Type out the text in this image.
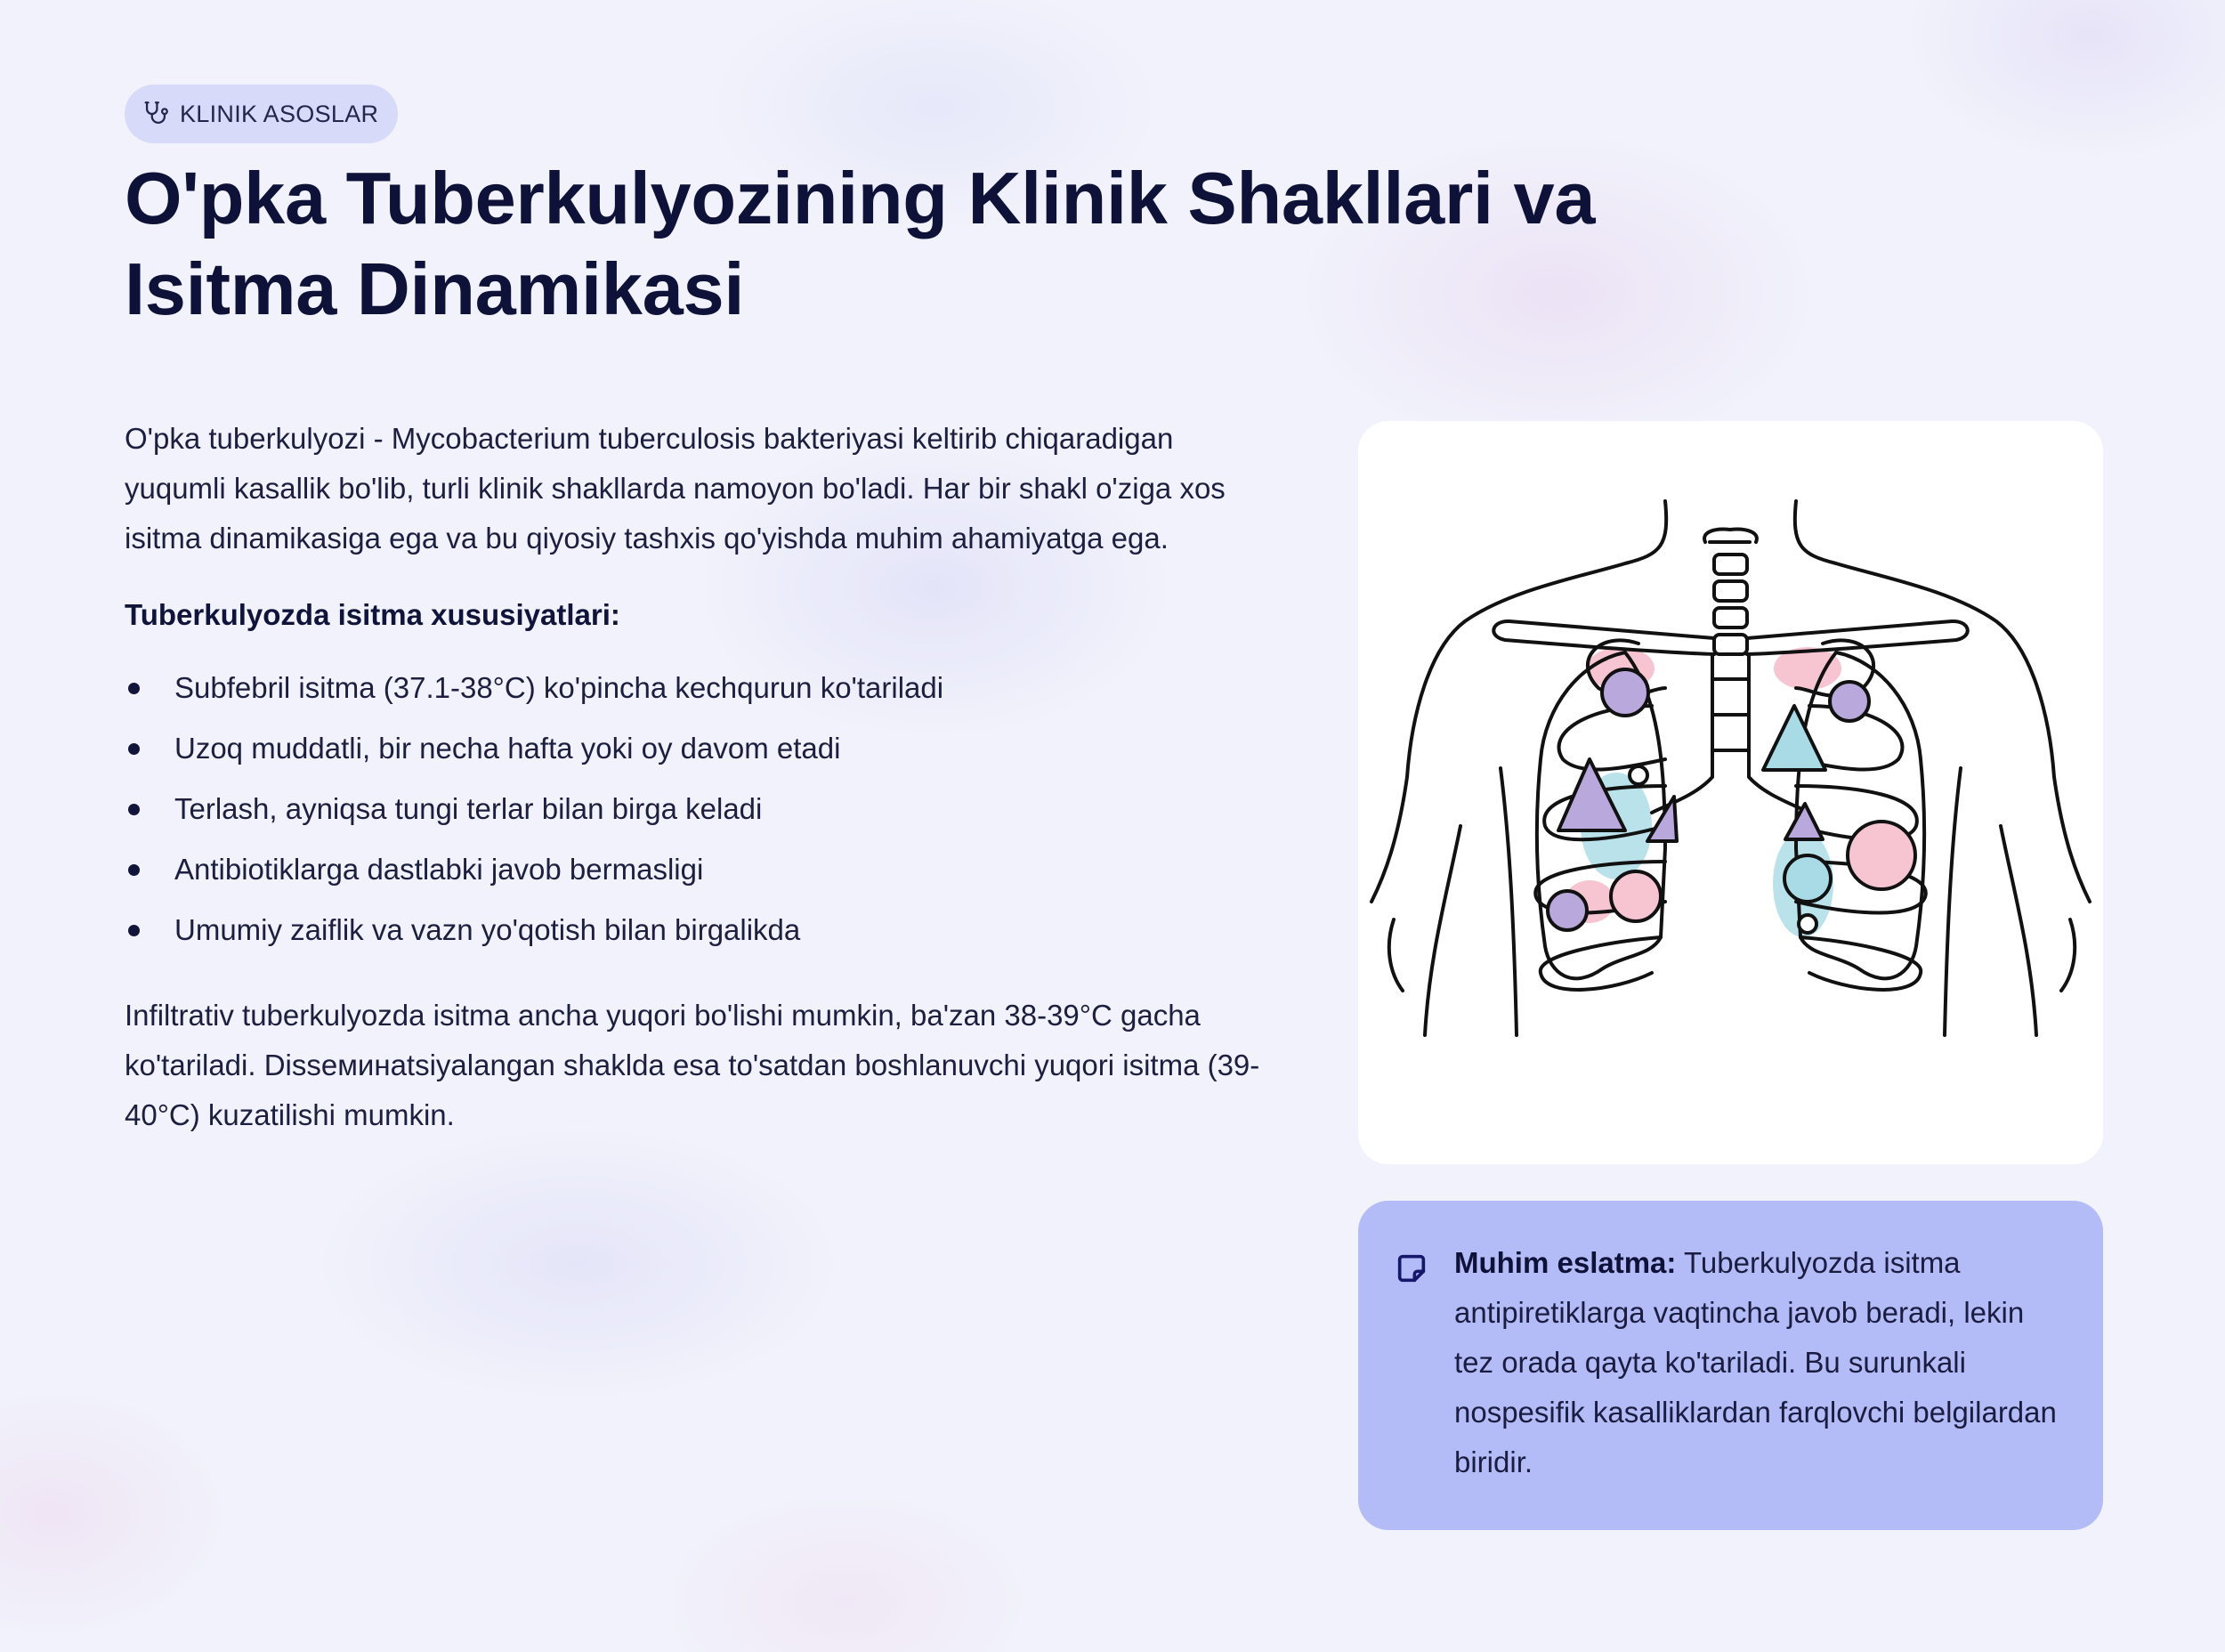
KLINIK ASOSLAR
O'pka Tuberkulyozining Klinik Shakllari va Isitma Dinamikasi

O'pka tuberkulyozi - Mycobacterium tuberculosis bakteriyasi keltirib chiqaradigan yuqumli kasallik bo'lib, turli klinik shakllarda namoyon bo'ladi. Har bir shakl o'ziga xos isitma dinamikasiga ega va bu qiyosiy tashxis qo'yishda muhim ahamiyatga ega.

Tuberkulyozda isitma xususiyatlari:

Subfebril isitma (37.1-38°C) ko'pincha kechqurun ko'tariladi
Uzoq muddatli, bir necha hafta yoki oy davom etadi
Terlash, ayniqsa tungi terlar bilan birga keladi
Antibiotiklarga dastlabki javob bermasligi
Umumiy zaiflik va vazn yo'qotish bilan birgalikda

Infiltrativ tuberkulyozda isitma ancha yuqori bo'lishi mumkin, ba'zan 38-39°C gacha ko'tariladi. Disseминatsiyalangan shaklda esa to'satdan boshlanuvchi yuqori isitma (39-40°C) kuzatilishi mumkin.

Muhim eslatma: Tuberkulyozda isitma antipiretiklarga vaqtincha javob beradi, lekin tez orada qayta ko'tariladi. Bu surunkali nospesifik kasalliklardan farqlovchi belgilardan biridir.
